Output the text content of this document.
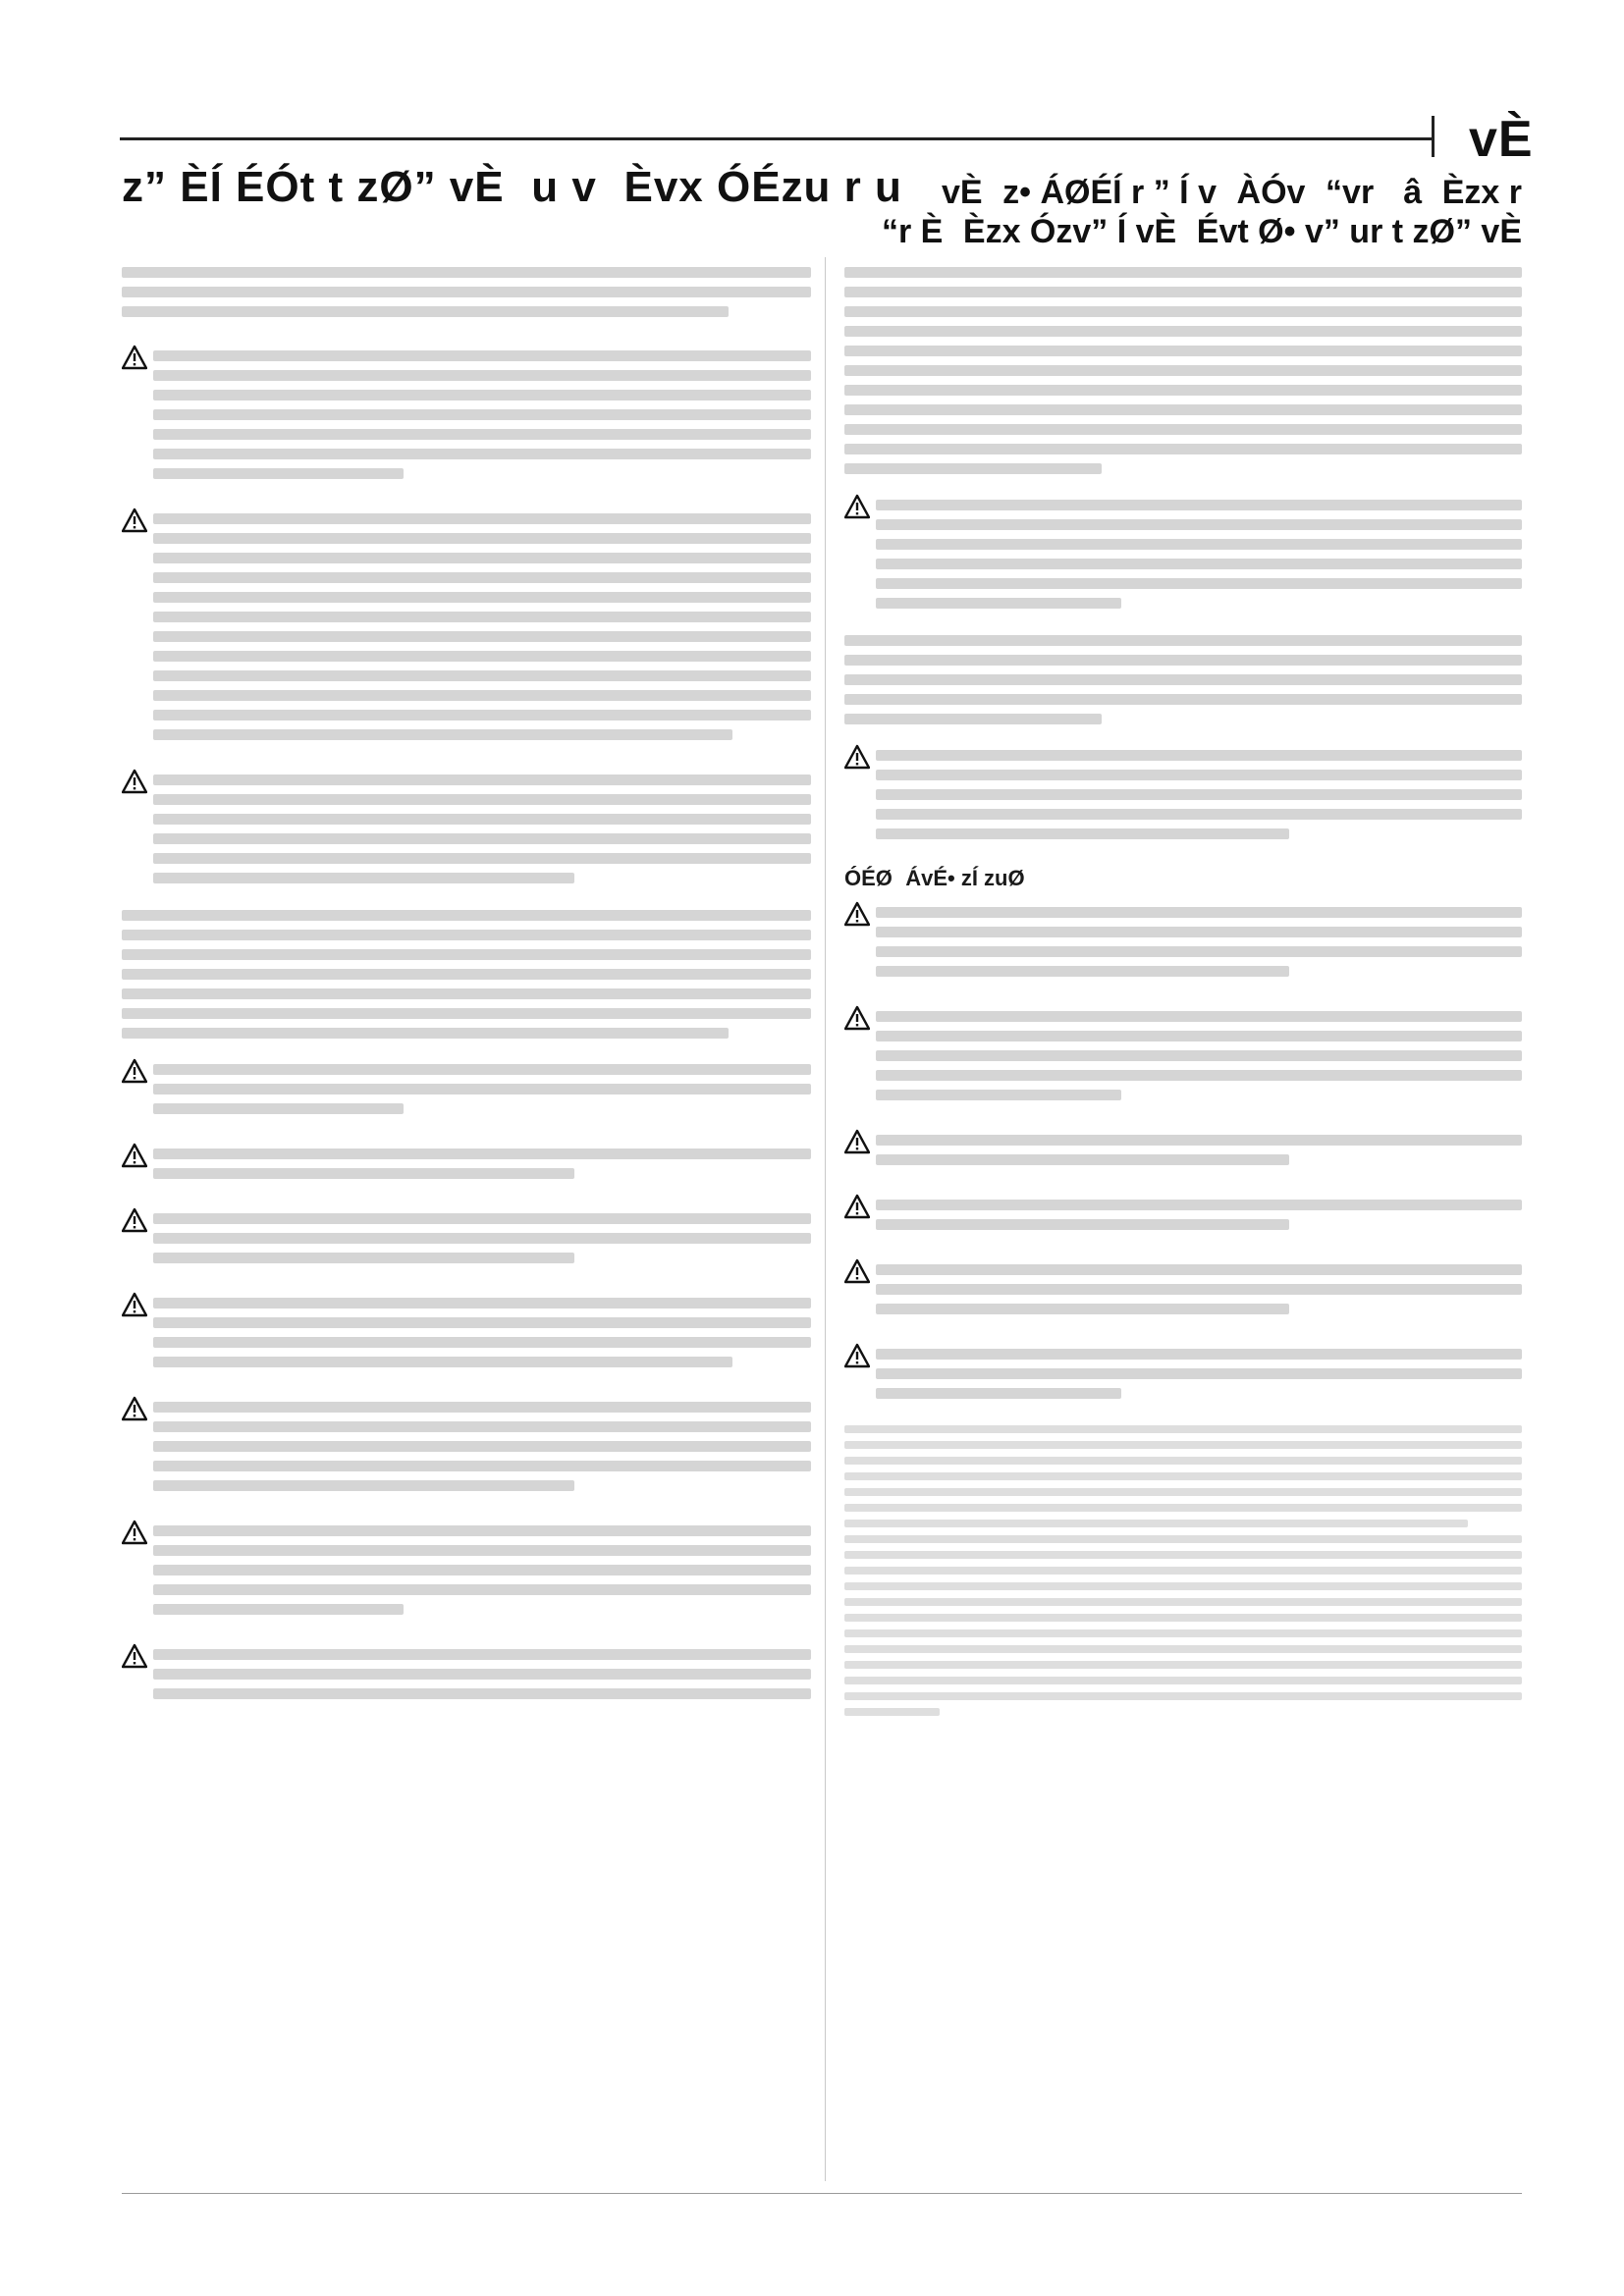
vÈ
z” ÈÍ ÉÓt t zØ” vÈu vÈvx ÓÉzu r u	vÈz• ÁØÉÍ r ” Í vÀÓv“vr âÈzx r
“r ÈÈzx Ózv” Í vÈÉvt Ø• v” ur t zØ” vÈ
ÓÉØÁvÉ• zÍ zuØ
